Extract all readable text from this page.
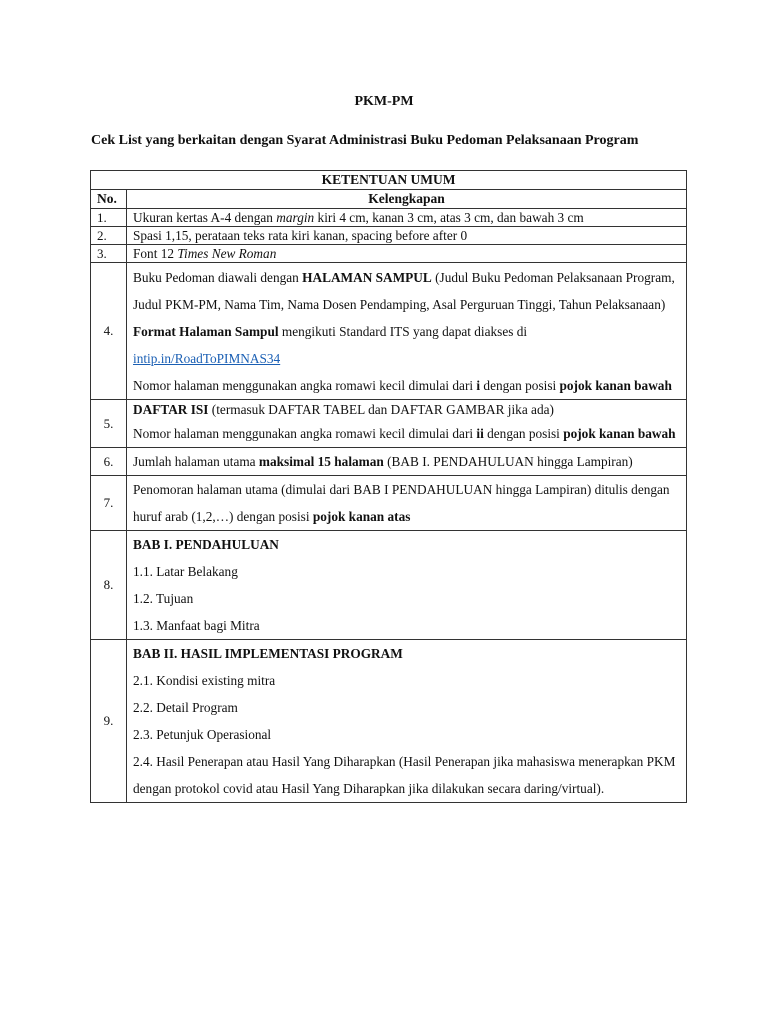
PKM-PM
Cek List yang berkaitan dengan Syarat Administrasi Buku Pedoman Pelaksanaan Program
KETENTUAN UMUM	
No.	Kelengkapan
1.	Ukuran kertas A-4 dengan margin kiri 4 cm, kanan 3 cm, atas 3 cm, dan bawah 3 cm
2.	Spasi 1,15, perataan teks rata kiri kanan, spacing before after 0
3.	Font 12 Times New Roman
4.	Buku Pedoman diawali dengan HALAMAN SAMPUL (Judul Buku Pedoman Pelaksanaan Program, Judul PKM-PM, Nama Tim, Nama Dosen Pendamping, Asal Perguruan Tinggi, Tahun Pelaksanaan)
Format Halaman Sampul mengikuti Standard ITS yang dapat diakses di
intip.in/RoadToPIMNAS34
Nomor halaman menggunakan angka romawi kecil dimulai dari i dengan posisi pojok kanan bawah

5.	DAFTAR ISI (termasuk DAFTAR TABEL dan DAFTAR GAMBAR jika ada)
Nomor halaman menggunakan angka romawi kecil dimulai dari ii dengan posisi pojok kanan bawah

6.	Jumlah halaman utama maksimal 15 halaman (BAB I. PENDAHULUAN hingga Lampiran)

7.	Penomoran halaman utama (dimulai dari BAB I PENDAHULUAN hingga Lampiran) ditulis dengan huruf arab (1,2,…) dengan posisi pojok kanan atas

8.	BAB I. PENDAHULUAN
1.1. Latar Belakang
1.2. Tujuan
1.3. Manfaat bagi Mitra

9.	BAB II. HASIL IMPLEMENTASI PROGRAM
2.1. Kondisi existing mitra
2.2. Detail Program
2.3. Petunjuk Operasional
2.4. Hasil Penerapan atau Hasil Yang Diharapkan (Hasil Penerapan jika mahasiswa menerapkan PKM dengan protokol covid atau Hasil Yang Diharapkan jika dilakukan secara daring/virtual).
